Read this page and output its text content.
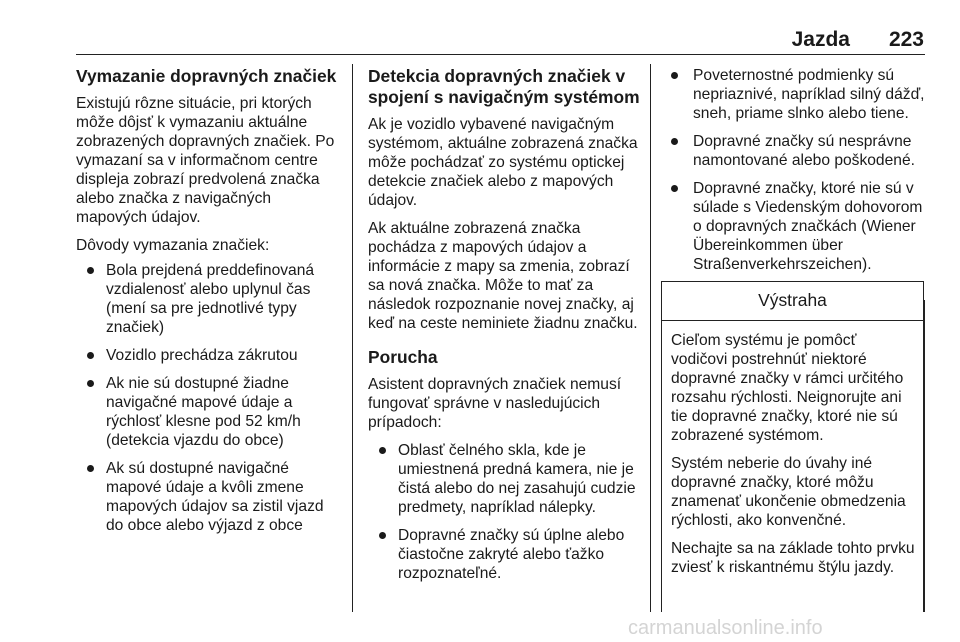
Jazda	223
Vymazanie dopravných značiek

Existujú rôzne situácie, pri ktorých môže dôjsť k vymazaniu aktuálne zobrazených dopravných značiek. Po vymazaní sa v informačnom centre displeja zobrazí predvolená značka alebo značka z navigačných mapových údajov.

Dôvody vymazania značiek:

Bola prejdená preddefinovaná vzdialenosť alebo uplynul čas (mení sa pre jednotlivé typy značiek)
Vozidlo prechádza zákrutou
Ak nie sú dostupné žiadne navigačné mapové údaje a rýchlosť klesne pod 52 km/h (detekcia vjazdu do obce)
Ak sú dostupné navigačné mapové údaje a kvôli zmene mapových údajov sa zistil vjazd do obce alebo výjazd z obce
Detekcia dopravných značiek v spojení s navigačným systémom

Ak je vozidlo vybavené navigačným systémom, aktuálne zobrazená značka môže pochádzať zo systému optickej detekcie značiek alebo z mapových údajov.

Ak aktuálne zobrazená značka pochádza z mapových údajov a informácie z mapy sa zmenia, zobrazí sa nová značka. Môže to mať za následok rozpoznanie novej značky, aj keď na ceste neminiete žiadnu značku.

Porucha

Asistent dopravných značiek nemusí fungovať správne v nasledujúcich prípadoch:

Oblasť čelného skla, kde je umiestnená predná kamera, nie je čistá alebo do nej zasahujú cudzie predmety, napríklad nálepky.
Dopravné značky sú úplne alebo čiastočne zakryté alebo ťažko rozpoznateľné.
Poveternostné podmienky sú nepriaznivé, napríklad silný dážď, sneh, priame slnko alebo tiene.
Dopravné značky sú nesprávne namontované alebo poškodené.
Dopravné značky, ktoré nie sú v súlade s Viedenským dohovorom o dopravných značkách (Wiener Übereinkommen über Straßenverkehrszeichen).
Výstraha

Cieľom systému je pomôcť vodičovi postrehnúť niektoré dopravné značky v rámci určitého rozsahu rýchlosti. Neignorujte ani tie dopravné značky, ktoré nie sú zobrazené systémom.

Systém neberie do úvahy iné dopravné značky, ktoré môžu znamenať ukončenie obmedzenia rýchlosti, ako konvenčné.

Nechajte sa na základe tohto prvku zviesť k riskantnému štýlu jazdy.

carmanualsonline.info
